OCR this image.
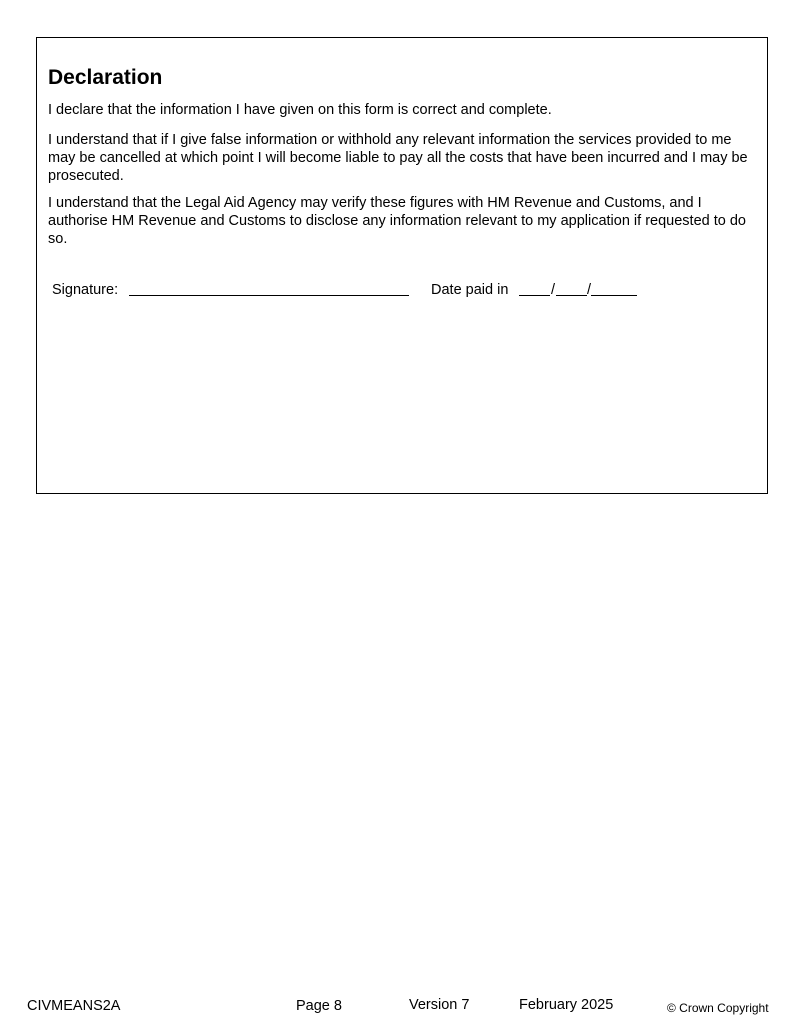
Declaration

I declare that the information I have given on this form is correct and complete.

I understand that if I give false information or withhold any relevant information the services provided to me may be cancelled at which point I will become liable to pay all the costs that have been incurred and I may be prosecuted.

I understand that the Legal Aid Agency may verify these figures with HM Revenue and Customs, and I authorise HM Revenue and Customs to disclose any information relevant to my application if requested to do so.

Signature:	Date paid in	/ /
CIVMEANS2A	Page 8	Version 7	February 2025	© Crown Copyright
